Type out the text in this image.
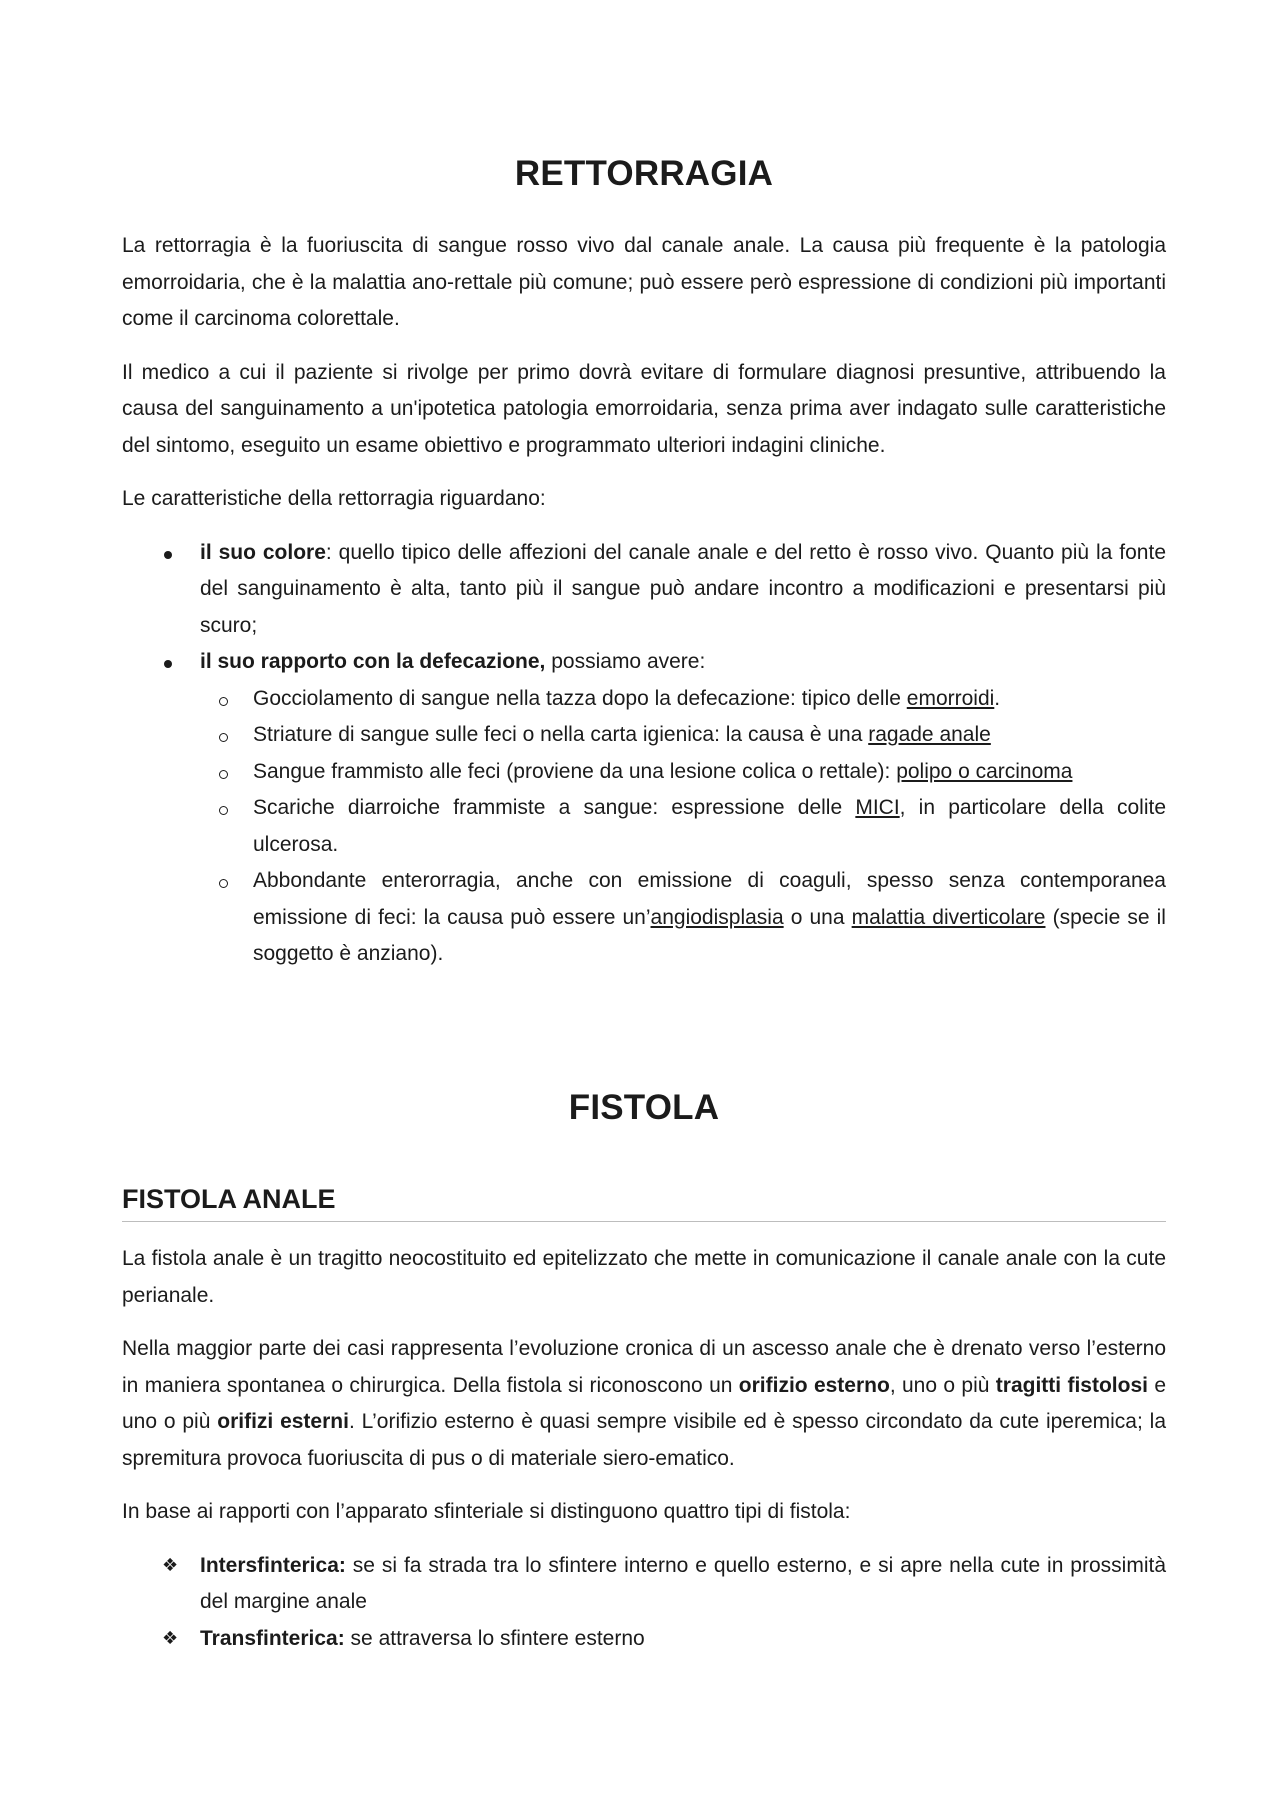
RETTORRAGIA

La rettorragia è la fuoriuscita di sangue rosso vivo dal canale anale. La causa più frequente è la patologia emorroidaria, che è la malattia ano-rettale più comune; può essere però espressione di condizioni più importanti come il carcinoma colorettale.

Il medico a cui il paziente si rivolge per primo dovrà evitare di formulare diagnosi presuntive, attribuendo la causa del sanguinamento a un'ipotetica patologia emorroidaria, senza prima aver indagato sulle caratteristiche del sintomo, eseguito un esame obiettivo e programmato ulteriori indagini cliniche.

Le caratteristiche della rettorragia riguardano:

il suo colore: quello tipico delle affezioni del canale anale e del retto è rosso vivo. Quanto più la fonte del sanguinamento è alta, tanto più il sangue può andare incontro a modificazioni e presentarsi più scuro;
il suo rapporto con la defecazione, possiamo avere:
Gocciolamento di sangue nella tazza dopo la defecazione: tipico delle emorroidi.
Striature di sangue sulle feci o nella carta igienica: la causa è una ragade anale
Sangue frammisto alle feci (proviene da una lesione colica o rettale): polipo o carcinoma
Scariche diarroiche frammiste a sangue: espressione delle MICI, in particolare della colite ulcerosa.
Abbondante enterorragia, anche con emissione di coaguli, spesso senza contemporanea emissione di feci: la causa può essere un’angiodisplasia o una malattia diverticolare (specie se il soggetto è anziano).
FISTOLA
FISTOLA ANALE

La fistola anale è un tragitto neocostituito ed epitelizzato che mette in comunicazione il canale anale con la cute perianale.

Nella maggior parte dei casi rappresenta l’evoluzione cronica di un ascesso anale che è drenato verso l’esterno in maniera spontanea o chirurgica. Della fistola si riconoscono un orifizio esterno, uno o più tragitti fistolosi e uno o più orifizi esterni. L’orifizio esterno è quasi sempre visibile ed è spesso circondato da cute iperemica; la spremitura provoca fuoriuscita di pus o di materiale siero-ematico.

In base ai rapporti con l’apparato sfinteriale si distinguono quattro tipi di fistola:

❖ Intersfinterica: se si fa strada tra lo sfintere interno e quello esterno, e si apre nella cute in prossimità del margine anale
❖ Transfinterica: se attraversa lo sfintere esterno
